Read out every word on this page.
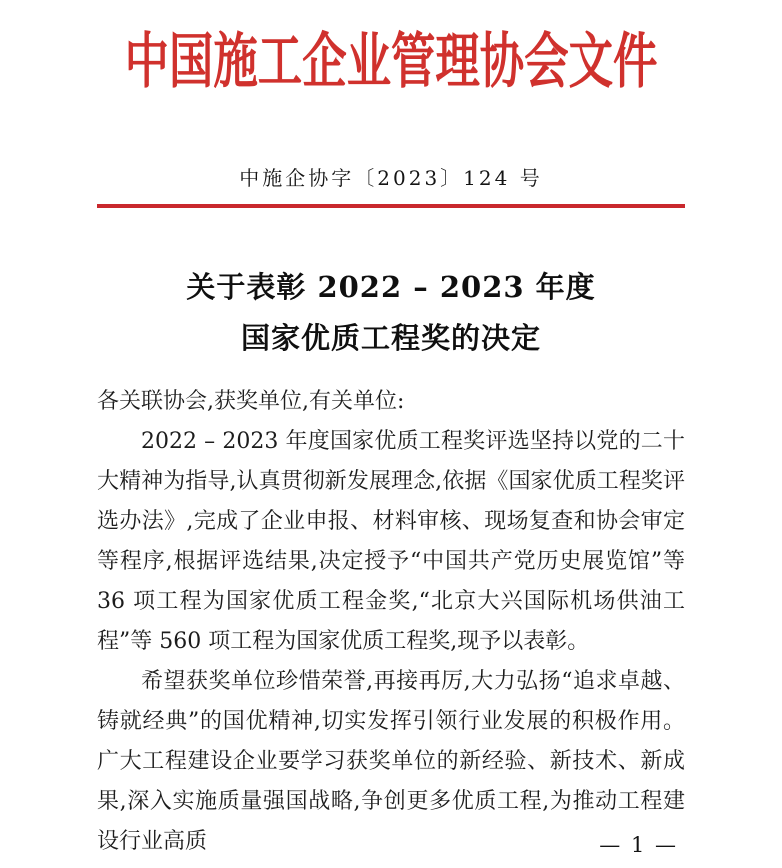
中国施工企业管理协会文件
中施企协字〔2023〕124 号
关于表彰 2022 – 2023 年度
国家优质工程奖的决定

各关联协会,获奖单位,有关单位:

2022 – 2023 年度国家优质工程奖评选坚持以党的二十大精神为指导,认真贯彻新发展理念,依据《国家优质工程奖评选办法》,完成了企业申报、材料审核、现场复查和协会审定等程序,根据评选结果,决定授予“中国共产党历史展览馆”等 36 项工程为国家优质工程金奖,“北京大兴国际机场供油工程”等 560 项工程为国家优质工程奖,现予以表彰。

希望获奖单位珍惜荣誉,再接再厉,大力弘扬“追求卓越、铸就经典”的国优精神,切实发挥引领行业发展的积极作用。广大工程建设企业要学习获奖单位的新经验、新技术、新成果,深入实施质量强国战略,争创更多优质工程,为推动工程建设行业高质	— 1 —
